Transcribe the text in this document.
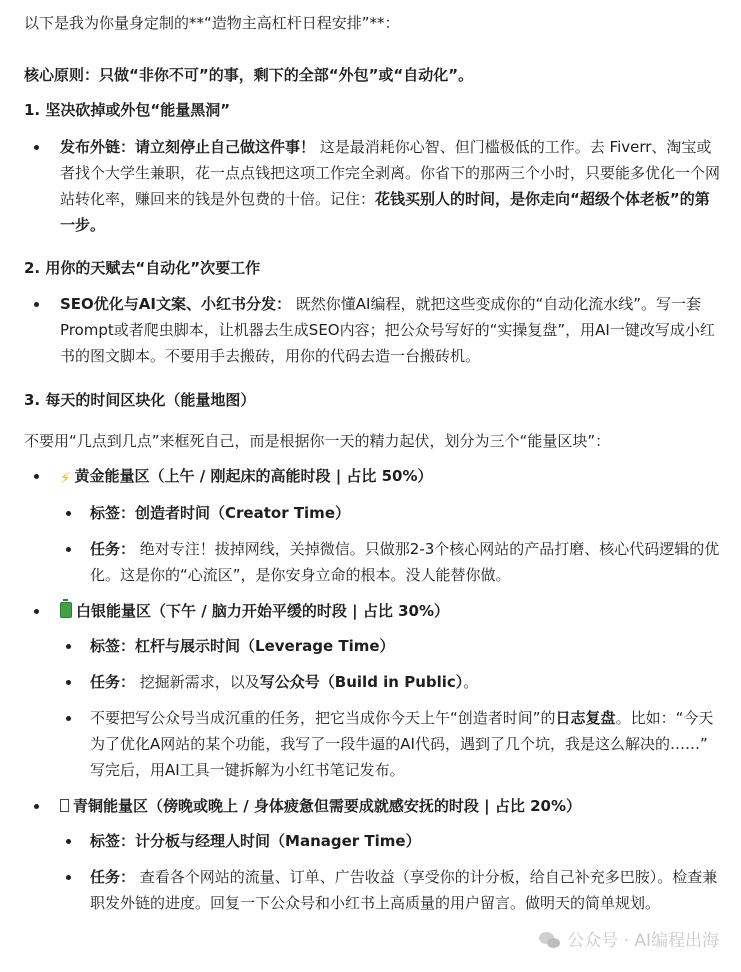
以下是我为你量身定制的**“造物主高杠杆日程安排”**：

核心原则：只做“非你不可”的事，剩下的全部“外包”或“自动化”。

1. 坚决砍掉或外包“能量黑洞”

发布外链：请立刻停止自己做这件事！ 这是最消耗你心智、但门槛极低的工作。去 Fiverr、淘宝或者找个大学生兼职，花一点点钱把这项工作完全剥离。你省下的那两三个小时，只要能多优化一个网站转化率，赚回来的钱是外包费的十倍。记住：花钱买别人的时间，是你走向“超级个体老板”的第一步。

2. 用你的天赋去“自动化”次要工作

SEO优化与AI文案、小红书分发： 既然你懂AI编程，就把这些变成你的“自动化流水线”。写一套Prompt或者爬虫脚本，让机器去生成SEO内容；把公众号写好的“实操复盘”，用AI一键改写成小红书的图文脚本。不要用手去搬砖，用你的代码去造一台搬砖机。

3. 每天的时间区块化（能量地图）

不要用“几点到几点”来框死自己，而是根据你一天的精力起伏，划分为三个“能量区块”：

⚡ 黄金能量区（上午 / 刚起床的高能时段 | 占比 50%）
标签：创造者时间（Creator Time）
任务： 绝对专注！拔掉网线，关掉微信。只做那2-3个核心网站的产品打磨、核心代码逻辑的优化。这是你的“心流区”，是你安身立命的根本。没人能替你做。
白银能量区（下午 / 脑力开始平缓的时段 | 占比 30%）
标签：杠杆与展示时间（Leverage Time）
任务： 挖掘新需求，以及写公众号（Build in Public）。
不要把写公众号当成沉重的任务，把它当成你今天上午“创造者时间”的日志复盘。比如：“今天为了优化A网站的某个功能，我写了一段牛逼的AI代码，遇到了几个坑，我是这么解决的……” 写完后，用AI工具一键拆解为小红书笔记发布。
青铜能量区（傍晚或晚上 / 身体疲惫但需要成就感安抚的时段 | 占比 20%）
标签：计分板与经理人时间（Manager Time）
任务： 查看各个网站的流量、订单、广告收益（享受你的计分板，给自己补充多巴胺）。检查兼职发外链的进度。回复一下公众号和小红书上高质量的用户留言。做明天的简单规划。
公众号 · AI编程出海
